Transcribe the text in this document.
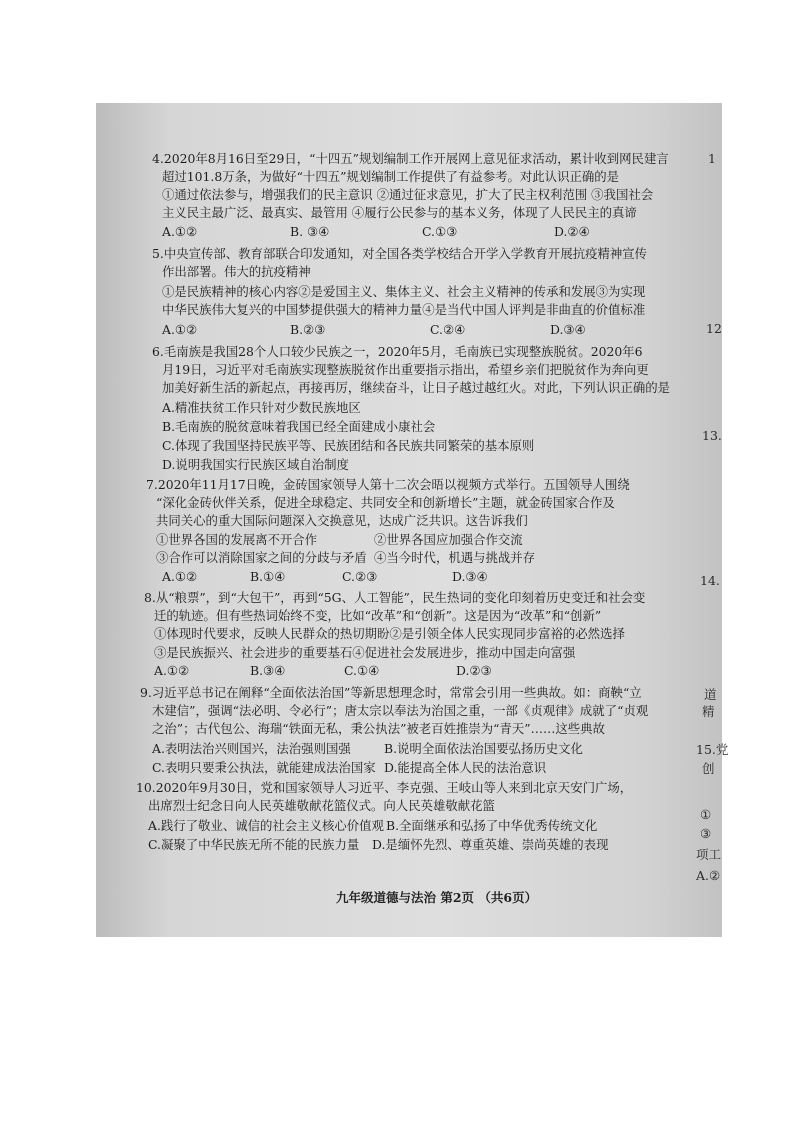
4.2020年8月16日至29日，“十四五”规划编制工作开展网上意见征求活动，累计收到网民建言
超过101.8万条，为做好“十四五”规划编制工作提供了有益参考。对此认识正确的是
①通过依法参与，增强我们的民主意识 ②通过征求意见，扩大了民主权利范围 ③我国社会
主义民主最广泛、最真实、最管用 ④履行公民参与的基本义务，体现了人民民主的真谛
A.①②	B. ③④	C.①③	D.②④
5.中央宣传部、教育部联合印发通知，对全国各类学校结合开学入学教育开展抗疫精神宣传
作出部署。伟大的抗疫精神
①是民族精神的核心内容②是爱国主义、集体主义、社会主义精神的传承和发展③为实现
中华民族伟大复兴的中国梦提供强大的精神力量④是当代中国人评判是非曲直的价值标准
A.①②	B.②③	C.②④	D.③④
6.毛南族是我国28个人口较少民族之一，2020年5月，毛南族已实现整族脱贫。2020年6
月19日，习近平对毛南族实现整族脱贫作出重要指示指出，希望乡亲们把脱贫作为奔向更
加美好新生活的新起点，再接再厉，继续奋斗，让日子越过越红火。对此，下列认识正确的是
A.精准扶贫工作只针对少数民族地区
B.毛南族的脱贫意味着我国已经全面建成小康社会
C.体现了我国坚持民族平等、民族团结和各民族共同繁荣的基本原则
D.说明我国实行民族区域自治制度
7.2020年11月17日晚，金砖国家领导人第十二次会晤以视频方式举行。五国领导人围绕
“深化金砖伙伴关系，促进全球稳定、共同安全和创新增长”主题，就金砖国家合作及
共同关心的重大国际问题深入交换意见，达成广泛共识。这告诉我们
①世界各国的发展离不开合作	②世界各国应加强合作交流
③合作可以消除国家之间的分歧与矛盾 ④当今时代，机遇与挑战并存
A.①②	B.①④	C.②③	D.③④
8.从“粮票”，到“大包干”，再到“5G、人工智能”，民生热词的变化印刻着历史变迁和社会变
迁的轨迹。但有些热词始终不变，比如“改革”和“创新”。这是因为“改革”和“创新”
①体现时代要求，反映人民群众的热切期盼②是引领全体人民实现同步富裕的必然选择
③是民族振兴、社会进步的重要基石④促进社会发展进步，推动中国走向富强
A.①②	B.③④	C.①④	D.②③
9.习近平总书记在阐释“全面依法治国”等新思想理念时，常常会引用一些典故。如：商鞅“立
木建信”，强调“法必明、令必行”；唐太宗以奉法为治国之重，一部《贞观律》成就了“贞观
之治”；古代包公、海瑞“铁面无私，秉公执法”被老百姓推崇为“青天”……这些典故
A.表明法治兴则国兴，法治强则国强	B.说明全面依法治国要弘扬历史文化
C.表明只要秉公执法，就能建成法治国家 D.能提高全体人民的法治意识
10.2020年9月30日，党和国家领导人习近平、李克强、王岐山等人来到北京天安门广场，
出席烈士纪念日向人民英雄敬献花篮仪式。向人民英雄敬献花篮
A.践行了敬业、诚信的社会主义核心价值观 B.全面继承和弘扬了中华优秀传统文化
C.凝聚了中华民族无所不能的民族力量 D.是缅怀先烈、尊重英雄、崇尚英雄的表现
九年级道德与法治 第2页 （共6页）
1
12
13.
14.
道
精
15.党
创
①
③
项工
A.②
